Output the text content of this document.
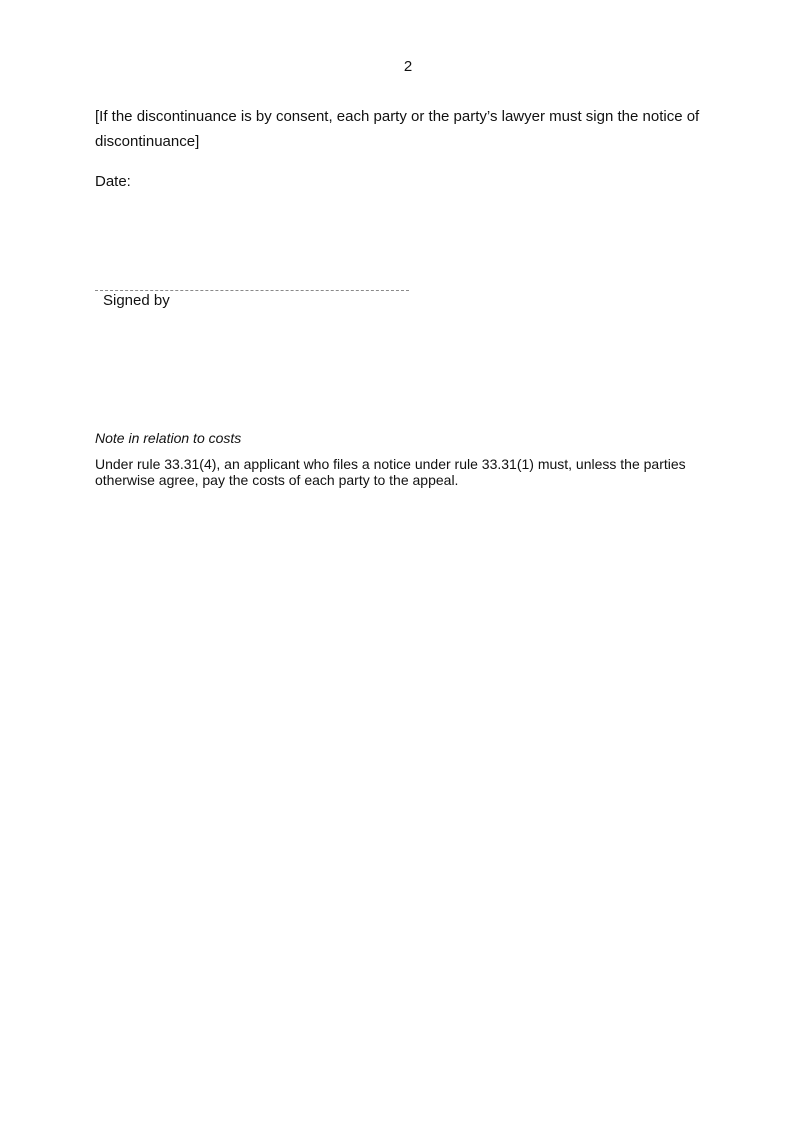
2
[If the discontinuance is by consent, each party or the party’s lawyer must sign the notice of discontinuance]
Date:
Signed by
Note in relation to costs
Under rule 33.31(4), an applicant who files a notice under rule 33.31(1) must, unless the parties otherwise agree, pay the costs of each party to the appeal.
